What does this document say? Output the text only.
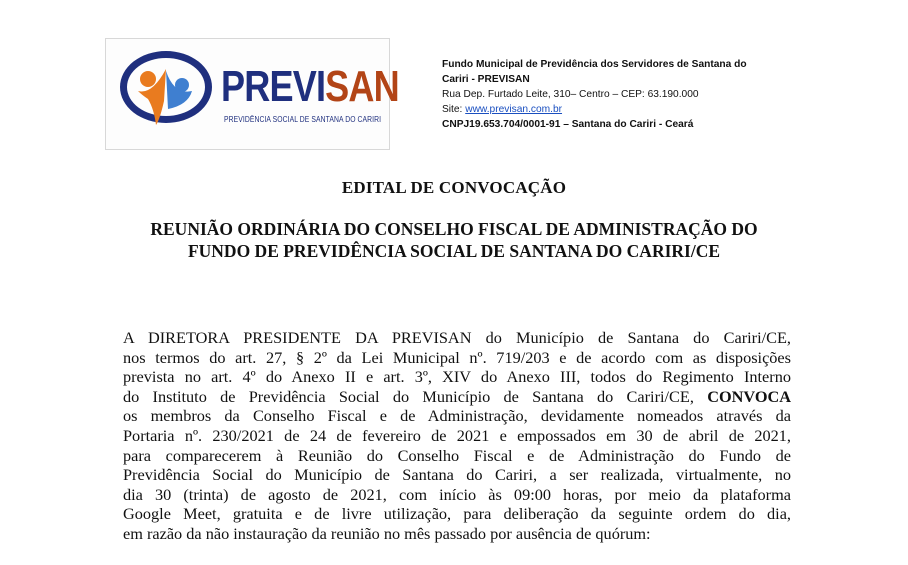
PREVISAN
PREVIDÊNCIA SOCIAL DE SANTANA DO CARIRI
Fundo Municipal de Previdência dos Servidores de Santana do
Cariri - PREVISAN
Rua Dep. Furtado Leite, 310– Centro – CEP: 63.190.000
Site: www.previsan.com.br
CNPJ19.653.704/0001-91 – Santana do Cariri - Ceará
EDITAL DE CONVOCAÇÃO
REUNIÃO ORDINÁRIA DO CONSELHO FISCAL DE ADMINISTRAÇÃO DO
FUNDO DE PREVIDÊNCIA SOCIAL DE SANTANA DO CARIRI/CE
A DIRETORA PRESIDENTE DA PREVISAN do Município de Santana do Cariri/CE,
nos termos do art. 27, § 2º da Lei Municipal nº. 719/203 e de acordo com as disposições
prevista no art. 4º do Anexo II e art. 3º, XIV do Anexo III, todos do Regimento Interno
do Instituto de Previdência Social do Município de Santana do Cariri/CE, CONVOCA
os membros da Conselho Fiscal e de Administração, devidamente nomeados através da
Portaria nº. 230/2021 de 24 de fevereiro de 2021 e empossados em 30 de abril de 2021,
para comparecerem à Reunião do Conselho Fiscal e de Administração do Fundo de
Previdência Social do Município de Santana do Cariri, a ser realizada, virtualmente, no
dia 30 (trinta) de agosto de 2021, com início às 09:00 horas, por meio da plataforma
Google Meet, gratuita e de livre utilização, para deliberação da seguinte ordem do dia,
em razão da não instauração da reunião no mês passado por ausência de quórum:
